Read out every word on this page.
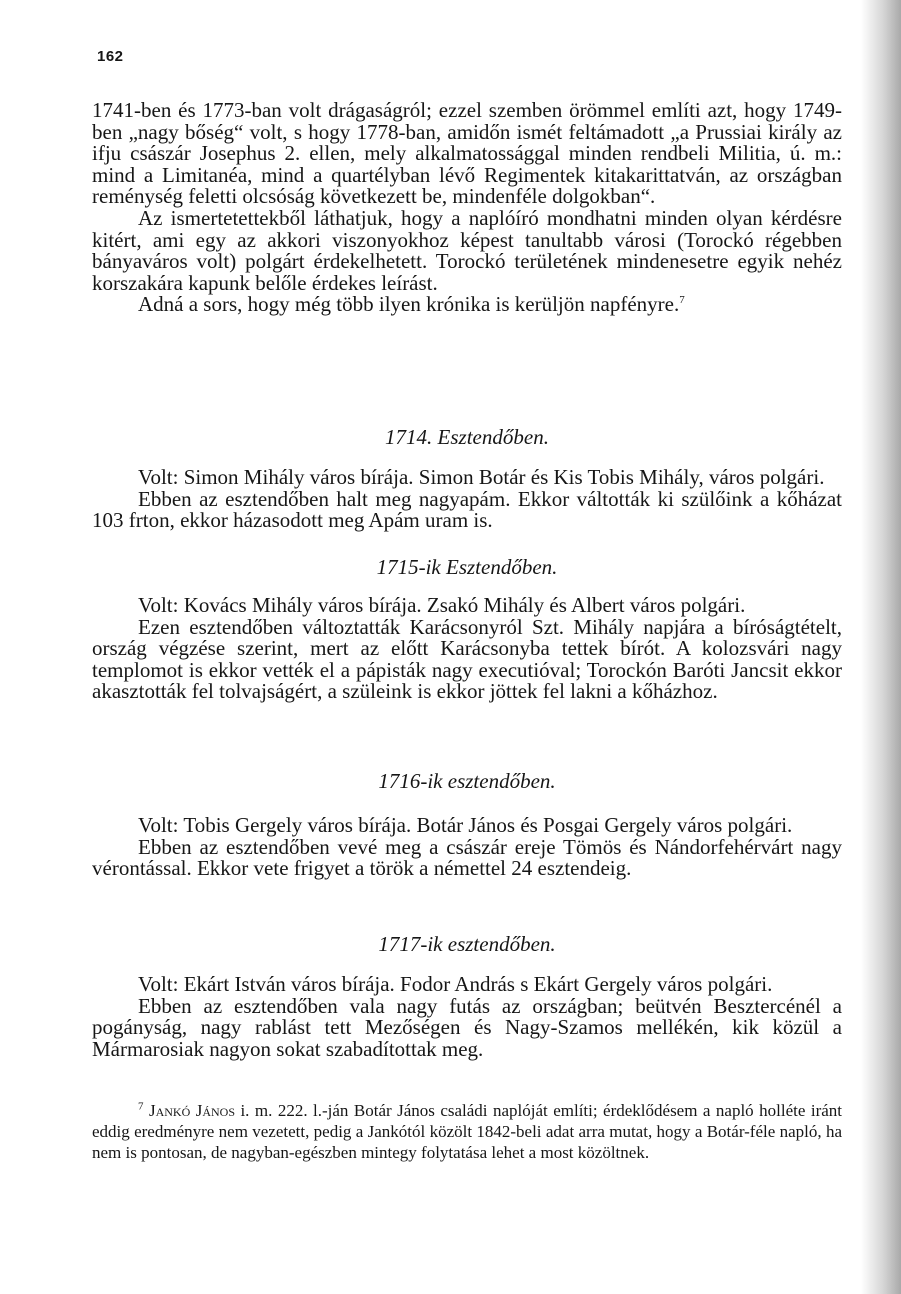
162

1741-ben és 1773-ban volt drágaságról; ezzel szemben örömmel említi azt, hogy 1749-ben „nagy bőség“ volt, s hogy 1778-ban, amidőn ismét feltámadott „a Prussiai király az ifju császár Josephus 2. ellen, mely alkalmatossággal minden rendbeli Militia, ú. m.: mind a Limitanéa, mind a quartélyban lévő Regimentek kitakarittatván, az országban reménység feletti olcsóság következett be, mindenféle dolgokban“.

Az ismertetettekből láthatjuk, hogy a naplóíró mondhatni minden olyan kérdésre kitért, ami egy az akkori viszonyokhoz képest tanultabb városi (Torockó régebben bányaváros volt) polgárt érdekelhetett. Torockó területének mindenesetre egyik nehéz korszakára kapunk belőle érdekes leírást.

Adná a sors, hogy még több ilyen krónika is kerüljön napfényre.$^7$

1714. Esztendőben.

Volt: Simon Mihály város bírája. Simon Botár és Kis Tobis Mihály, város polgári.

Ebben az esztendőben halt meg nagyapám. Ekkor váltották ki szülőink a kőházat 103 frton, ekkor házasodott meg Apám uram is.

1715-ik Esztendőben.

Volt: Kovács Mihály város bírája. Zsakó Mihály és Albert város polgári.

Ezen esztendőben változtatták Karácsonyról Szt. Mihály napjára a bíróságtételt, ország végzése szerint, mert az előtt Karácsonyba tettek bírót. A kolozsvári nagy templomot is ekkor vették el a pápisták nagy executióval; Torockón Baróti Jancsit ekkor akasztották fel tolvajságért, a szüleink is ekkor jöttek fel lakni a kőházhoz.

1716-ik esztendőben.

Volt: Tobis Gergely város bírája. Botár János és Posgai Gergely város polgári.

Ebben az esztendőben vevé meg a császár ereje Tömös és Nándorfehérvárt nagy vérontással. Ekkor vete frigyet a török a némettel 24 esztendeig.

1717-ik esztendőben.

Volt: Ekárt István város bírája. Fodor András s Ekárt Gergely város polgári.

Ebben az esztendőben vala nagy futás az országban; beütvén Besztercénél a pogányság, nagy rablást tett Mezőségen és Nagy-Szamos mellékén, kik közül a Mármarosiak nagyon sokat szabadítottak meg.

$^7$ Jankó János i. m. 222. l.-ján Botár János családi naplóját említi; érdeklődésem a napló holléte iránt eddig eredményre nem vezetett, pedig a Jankótól közölt 1842-beli adat arra mutat, hogy a Botár-féle napló, ha nem is pontosan, de nagyban-egészben mintegy folytatása lehet a most közöltnek.
